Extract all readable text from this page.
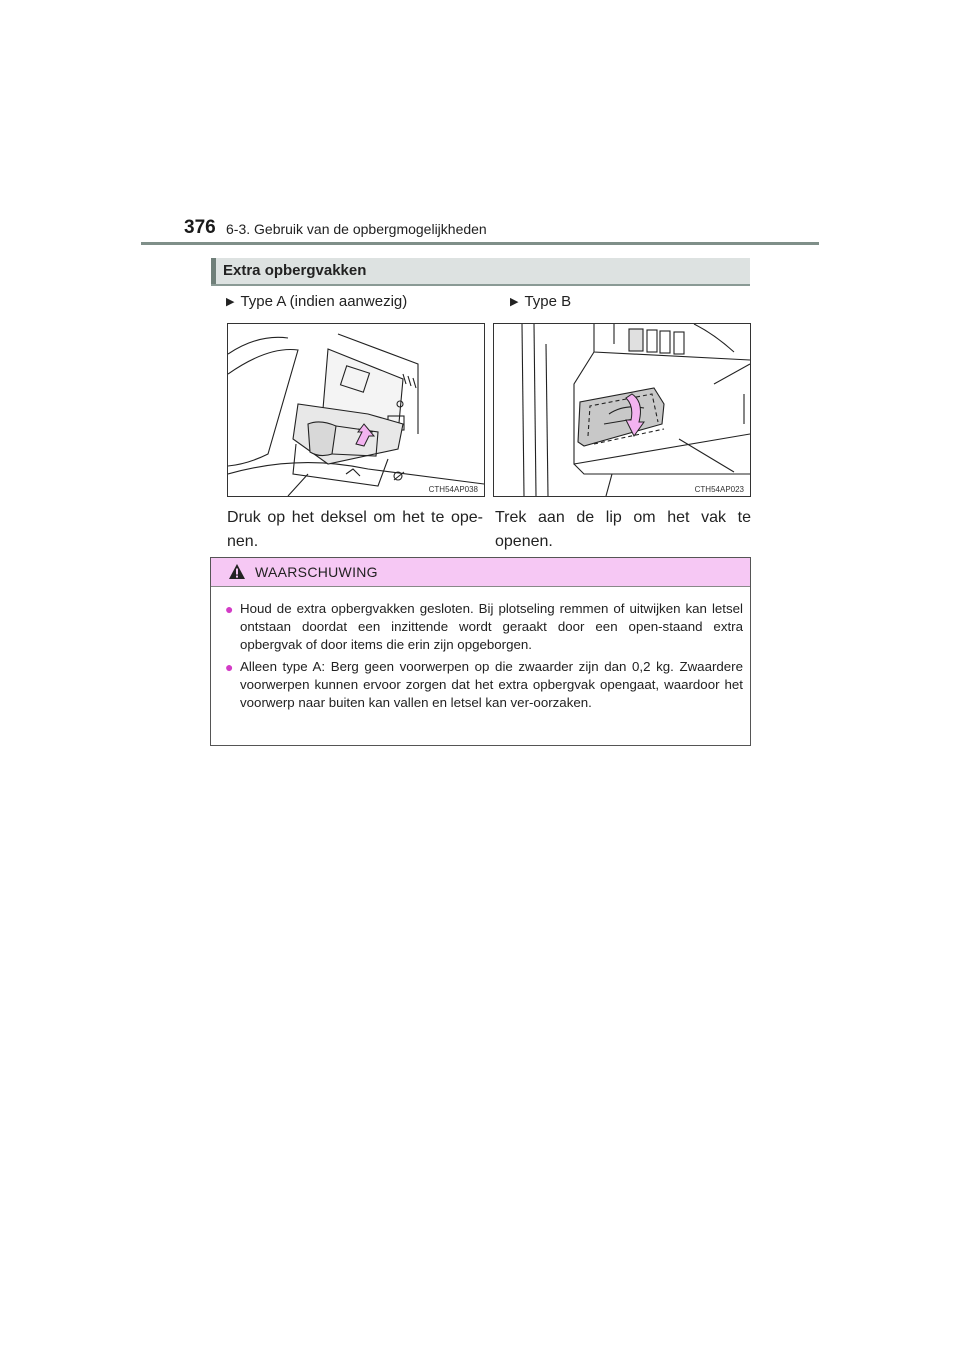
376 6-3. Gebruik van de opbergmogelijkheden
Extra opbergvakken
▶ Type A (indien aanwezig)	▶ Type B
CTH54AP038	CTH54AP023
Druk op het deksel om het te ope-nen.
Trek aan de lip om het vak te openen.
WAARSCHUWING
● Houd de extra opbergvakken gesloten. Bij plotseling remmen of uitwijken kan letsel ontstaan doordat een inzittende wordt geraakt door een open-staand extra opbergvak of door items die erin zijn opgeborgen.
● Alleen type A: Berg geen voorwerpen op die zwaarder zijn dan 0,2 kg. Zwaardere voorwerpen kunnen ervoor zorgen dat het extra opbergvak opengaat, waardoor het voorwerp naar buiten kan vallen en letsel kan ver-oorzaken.
